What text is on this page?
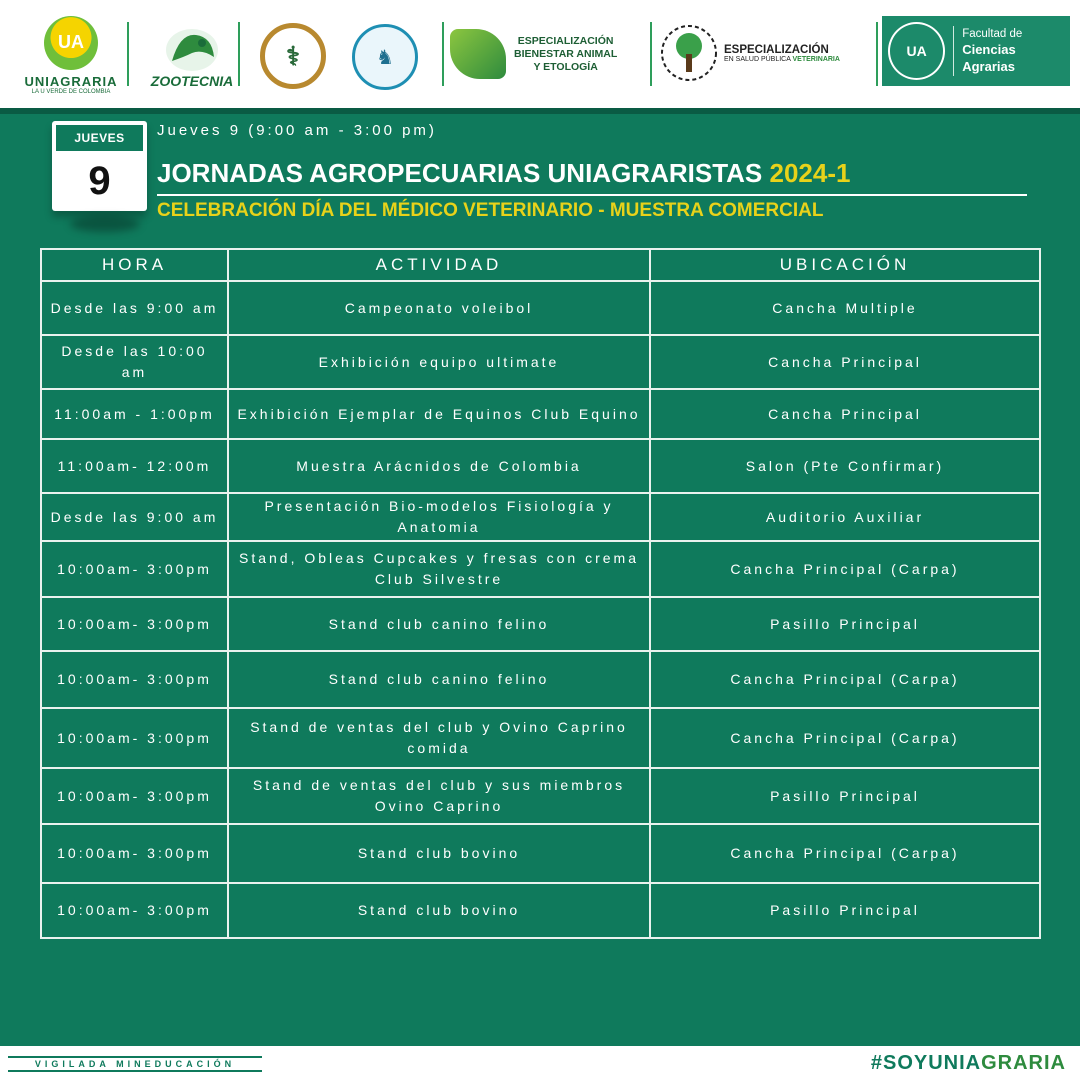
UA
UNIAGRARIA
LA U VERDE DE COLOMBIA
ZOOTECNIA
⚕	♞
ESPECIALIZACIÓN
BIENESTAR ANIMAL
Y ETOLOGÍA
ESPECIALIZACIÓN
EN SALUD PÚBLICA VETERINARIA	UA
Facultad de
Ciencias Agrarias
JUEVES
9
Jueves 9 (9:00 am - 3:00 pm)
JORNADAS AGROPECUARIAS UNIAGRARISTAS 2024-1
CELEBRACIÓN DÍA DEL MÉDICO VETERINARIO - MUESTRA COMERCIAL
HORA	ACTIVIDAD	UBICACIÓN
Desde las 9:00 am	Campeonato voleibol	Cancha Multiple
Desde las 10:00 am	Exhibición equipo ultimate	Cancha Principal
11:00am - 1:00pm	Exhibición Ejemplar de Equinos Club Equino	Cancha Principal
11:00am- 12:00m	Muestra Arácnidos de Colombia	Salon (Pte Confirmar)
Desde las 9:00 am	Presentación Bio-modelos Fisiología y Anatomia	Auditorio Auxiliar
10:00am- 3:00pm	Stand, Obleas Cupcakes y fresas con crema Club Silvestre	Cancha Principal (Carpa)
10:00am- 3:00pm	Stand club canino felino	Pasillo Principal
10:00am- 3:00pm	Stand club canino felino	Cancha Principal (Carpa)
10:00am- 3:00pm	Stand de ventas del club y Ovino Caprino comida	Cancha Principal (Carpa)
10:00am- 3:00pm	Stand de ventas del club y sus miembros Ovino Caprino	Pasillo Principal
10:00am- 3:00pm	Stand club bovino	Cancha Principal (Carpa)
10:00am- 3:00pm	Stand club bovino	Pasillo Principal
VIGILADA MINEDUCACIÓN	#SOYUNIAGRARIA
